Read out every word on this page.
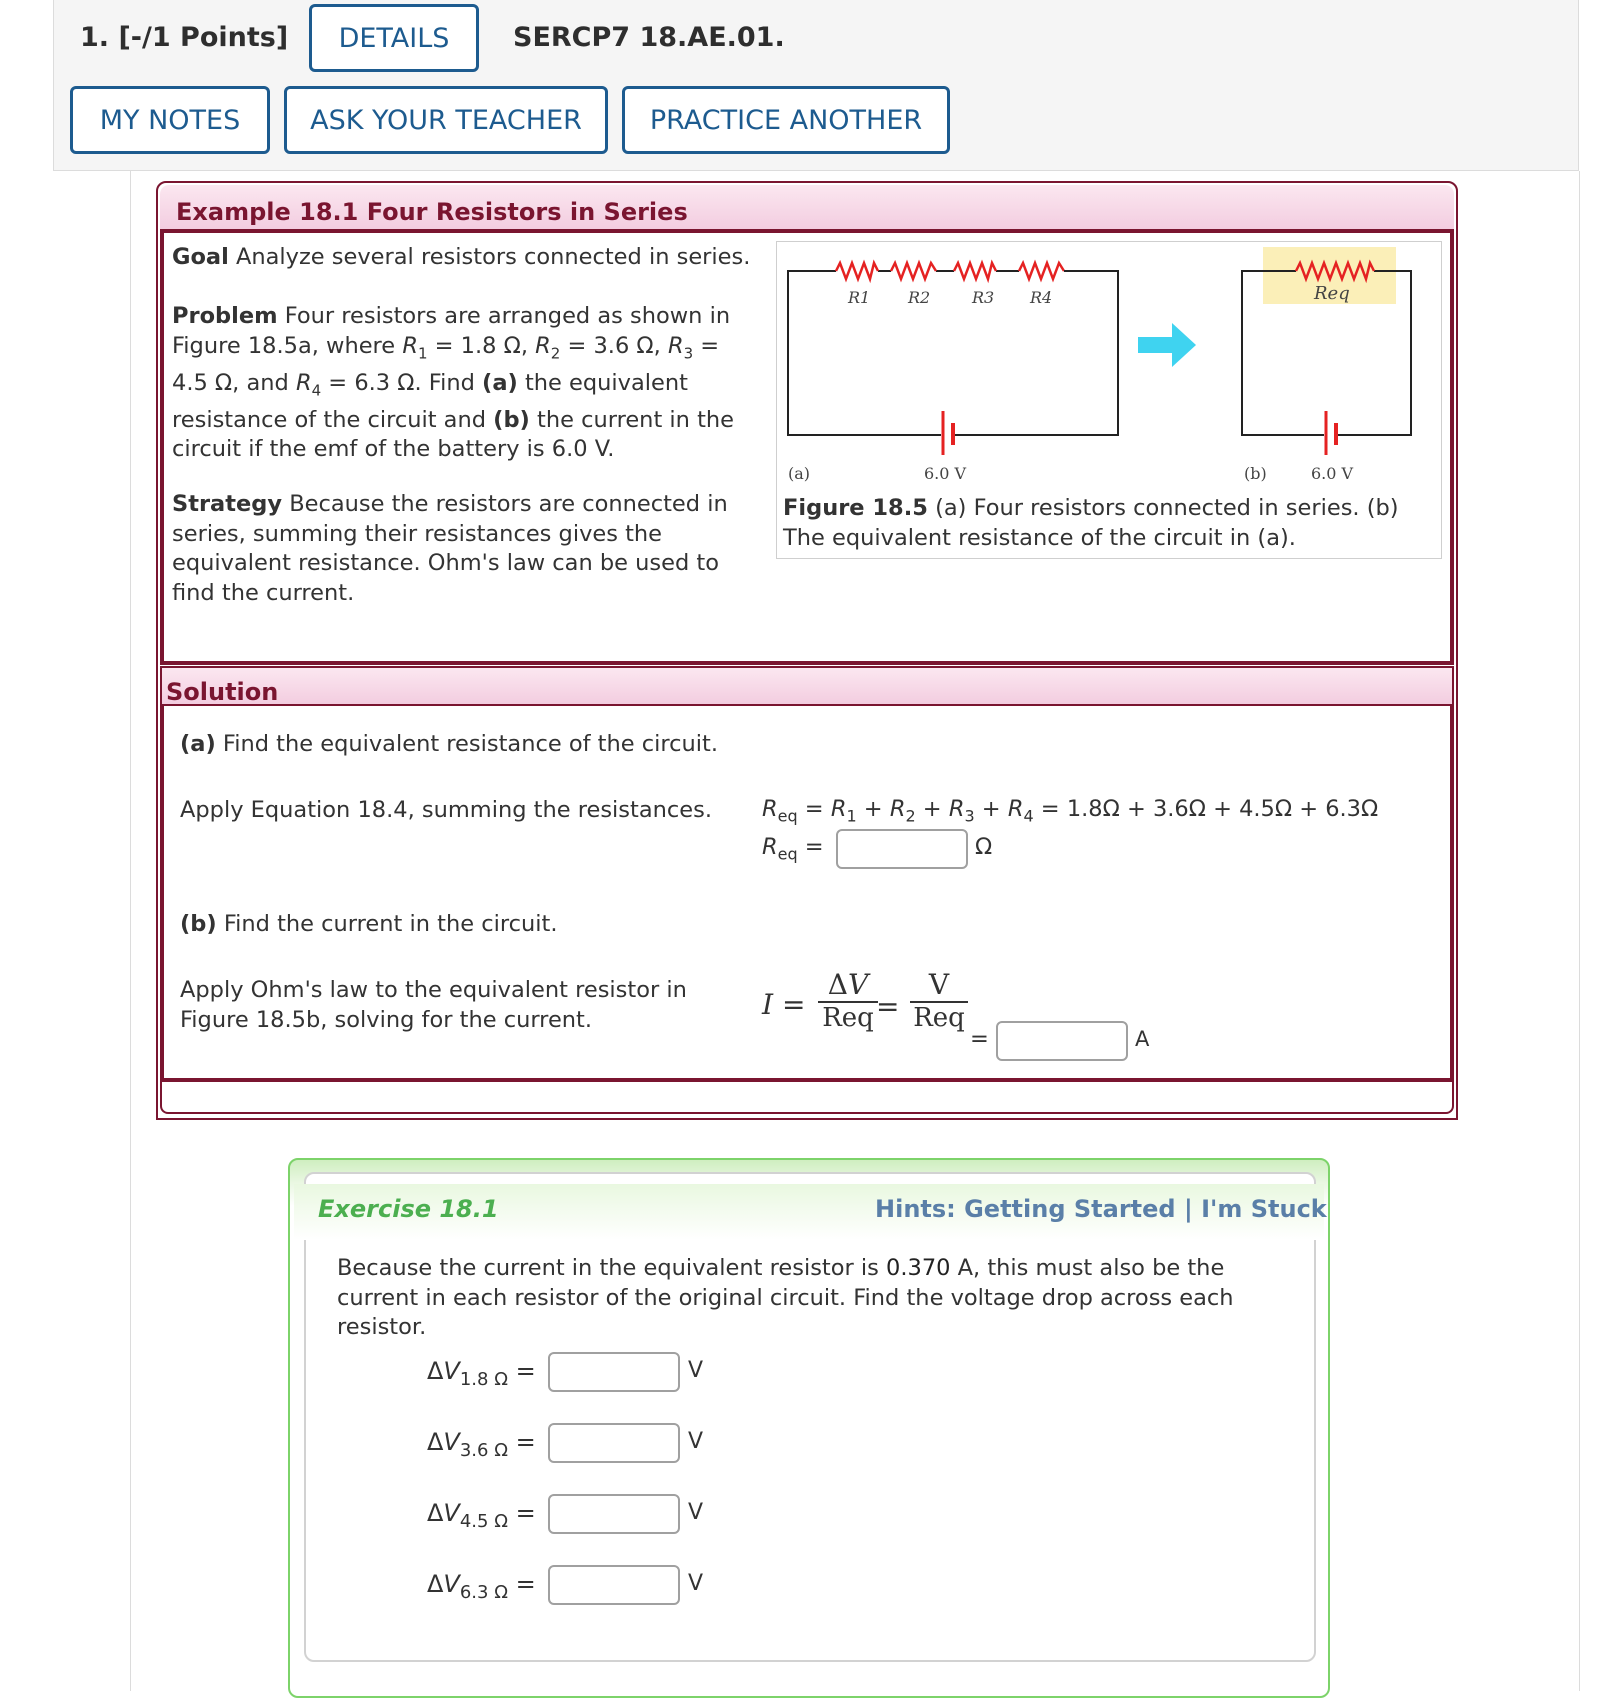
1. [-/1 Points]	DETAILS	SERCP7 18.AE.01.
MY NOTES	ASK YOUR TEACHER	PRACTICE ANOTHER
Example 18.1 Four Resistors in Series
Goal Analyze several resistors connected in series.
Problem Four resistors are arranged as shown in
Figure 18.5a, where $R_1 = 1.8$ Ω, $R_2 = 3.6$ Ω, $R_3$ =
4.5 Ω, and $R_4 = 6.3$ Ω. Find (a) the equivalent
resistance of the circuit and (b) the current in the
circuit if the emf of the battery is 6.0 V.
Strategy Because the resistors are connected in series, summing their resistances gives the equivalent resistance. Ohm's law can be used to find the current.
R1 R2	R3 R4	Req
(a)	6.0 V	(b)	6.0 V
Figure 18.5 (a) Four resistors connected in series. (b) The equivalent resistance of the circuit in (a).
Solution
(a) Find the equivalent resistance of the circuit.
Apply Equation 18.4, summing the resistances. $R_{eq} = R_1 + R_2 + R_3 + R_4 = 1.8\Omega + 3.6\Omega + 4.5\Omega + 6.3\Omega$
$R_{eq}$ =	Ω
(b) Find the current in the circuit.
Apply Ohm's law to the equivalent resistor in Figure 18.5b, solving for the current.	I =
ΔV
Req =
V
Req
=	A
Exercise 18.1	Hints: Getting Started | I'm Stuck
Because the current in the equivalent resistor is 0.370 A, this must also be the current in each resistor of the original circuit. Find the voltage drop across each resistor.
$\Delta V_{1.8 \Omega}$ =	V
$\Delta V_{3.6 \Omega}$ =	V
$\Delta V_{4.5 \Omega}$ =	V
$\Delta V_{6.3 \Omega}$ =	V
